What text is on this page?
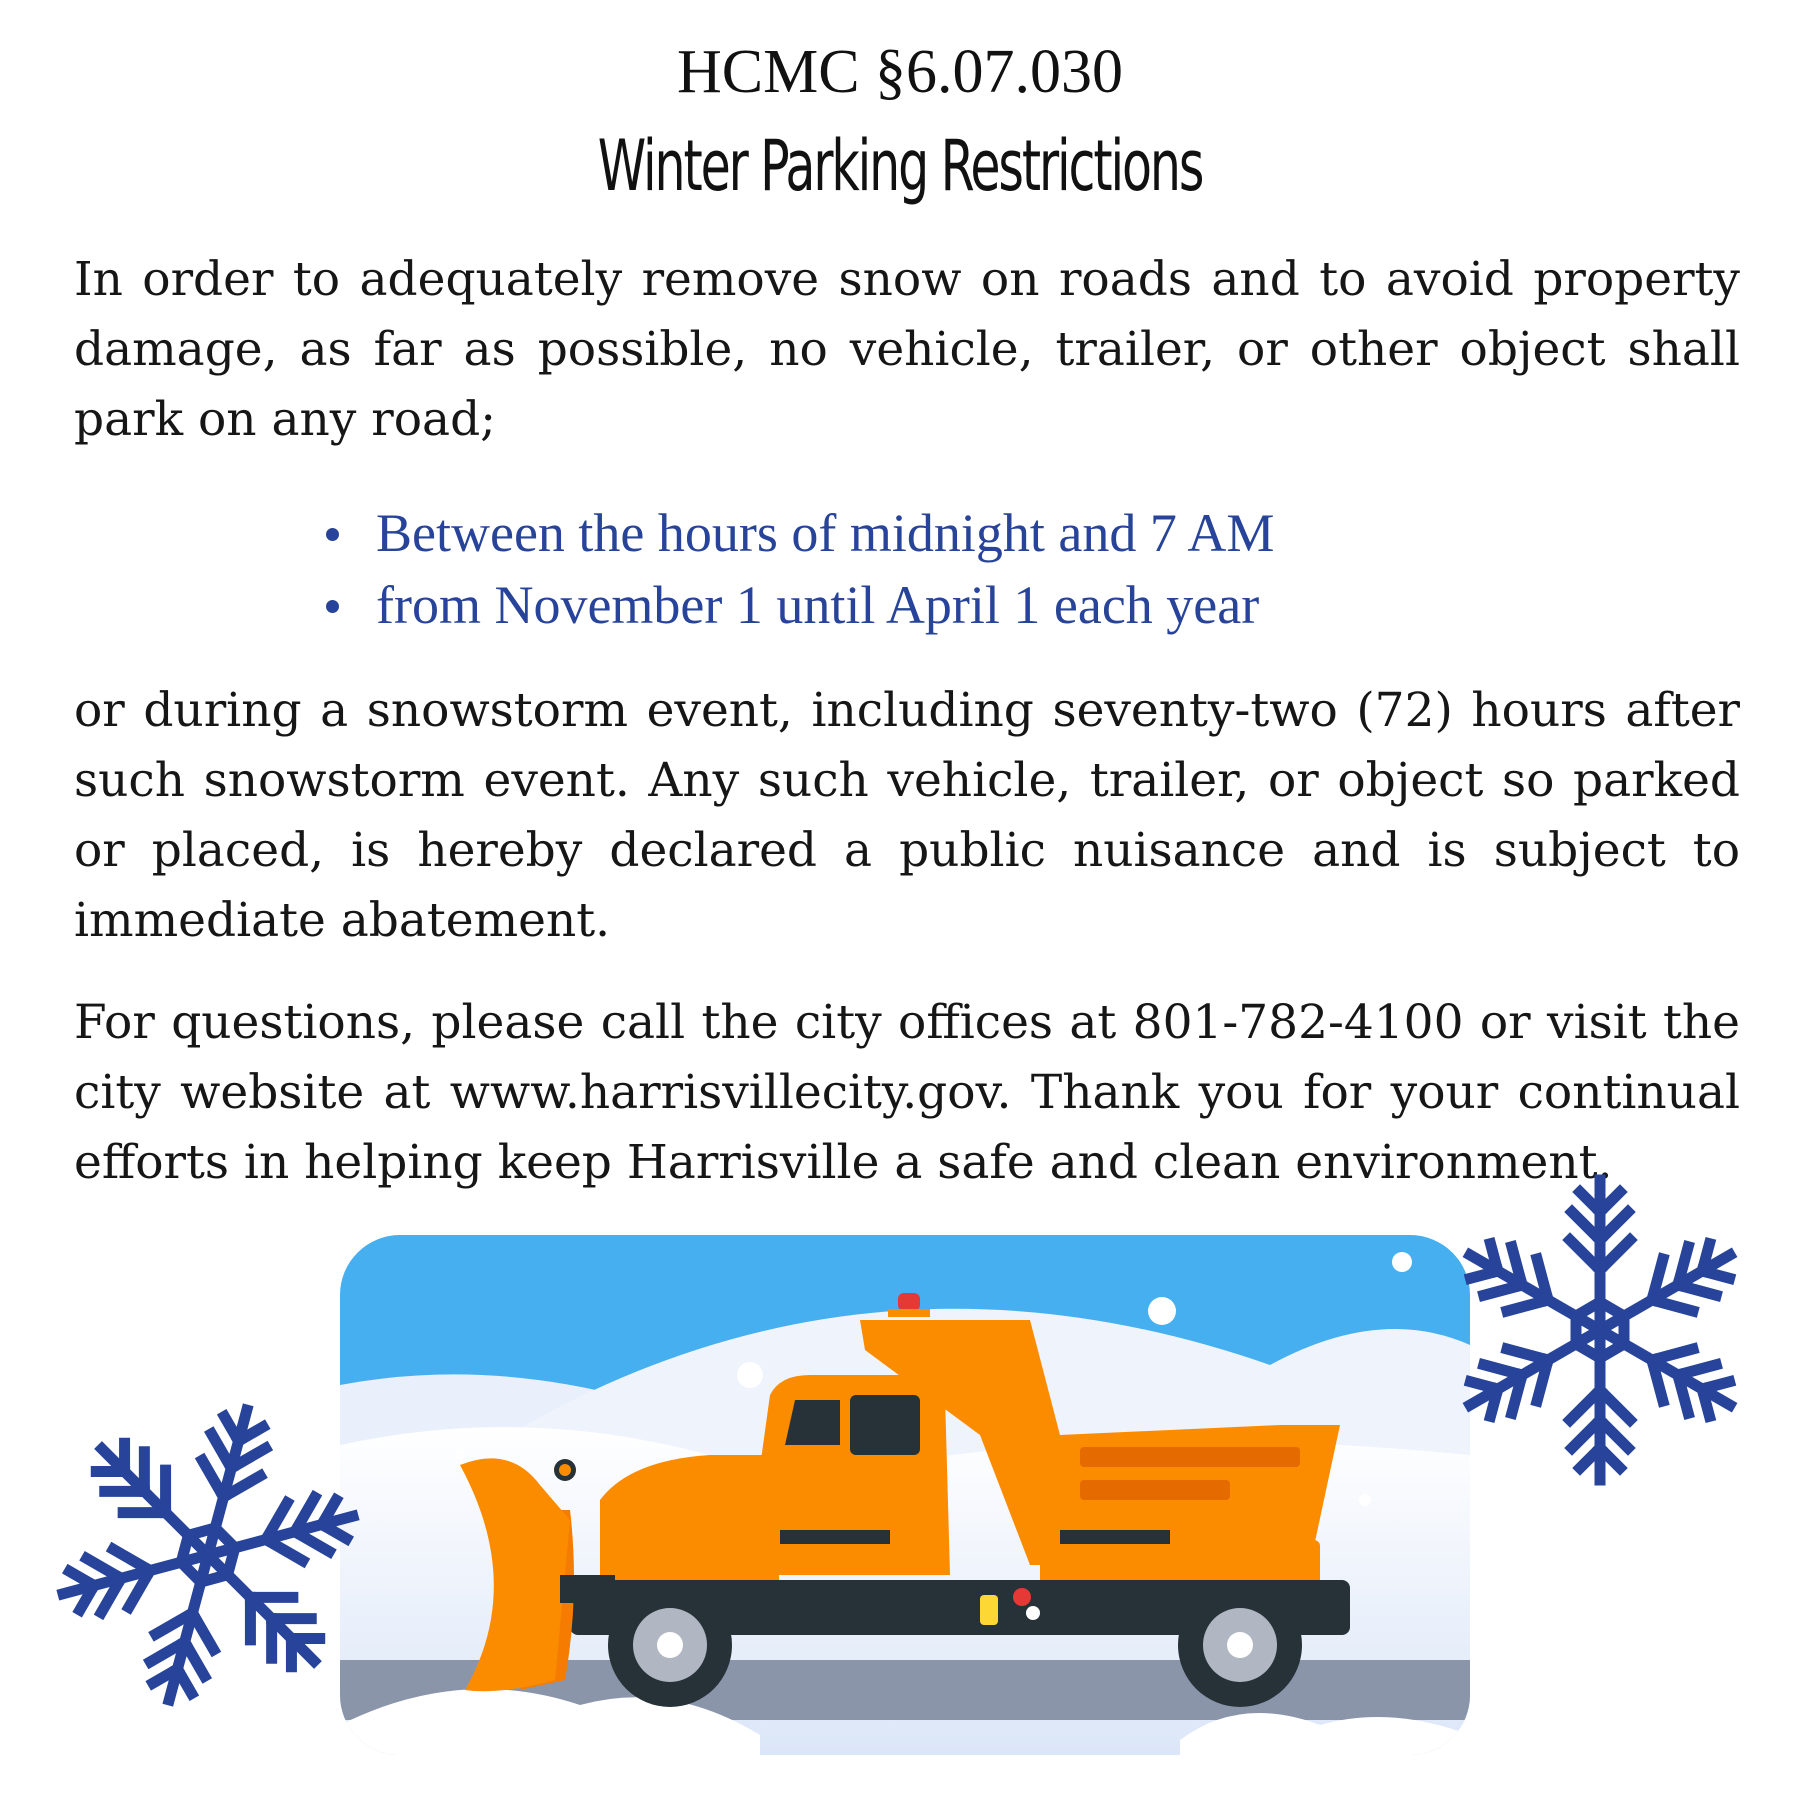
HCMC §6.07.030
Winter Parking Restrictions

In order to adequately remove snow on roads and to avoid property damage, as far as possible, no vehicle, trailer, or other object shall park on any road;

Between the hours of midnight and 7 AM
from November 1 until April 1 each year

or during a snowstorm event, including seventy-two (72) hours after such snowstorm event. Any such vehicle, trailer, or object so parked or placed, is hereby declared a public nuisance and is subject to immediate abatement.

For questions, please call the city offices at 801-782-4100 or visit the city website at www.harrisvillecity.gov. Thank you for your continual efforts in helping keep Harrisville a safe and clean environment.
